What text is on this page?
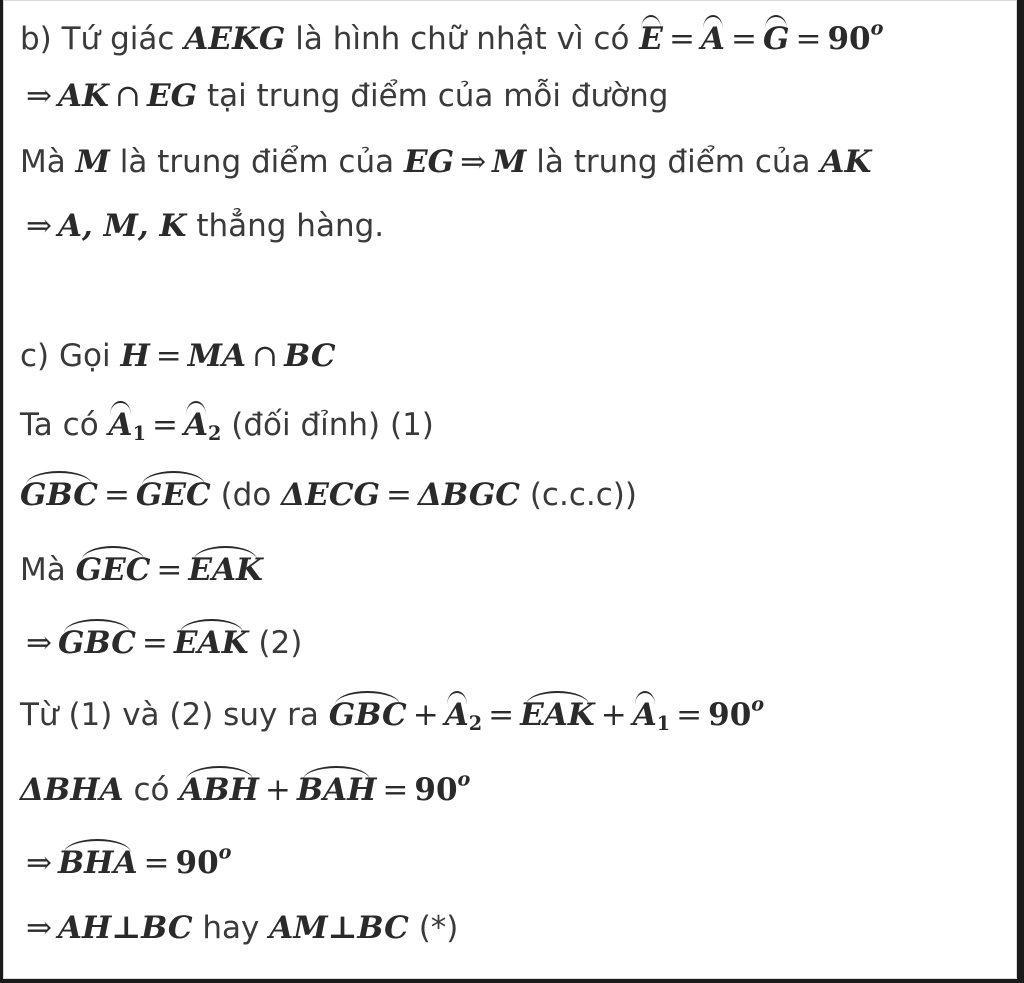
b) Tứ giác AEKG là hình chữ nhật vì có $E = A = G = 90^o$
⇒ AK ∩ EG tại trung điểm của mỗi đường
Mà M là trung điểm của EG ⇒ M là trung điểm của AK
⇒ A, M, K thẳng hàng.
c) Gọi H = MA ∩ BC
Ta có $A_1 = A_2$ (đối đỉnh) (1)
GBC = GEC (do ΔECG = ΔBGC (c.c.c))
Mà GEC = EAK
⇒ GBC = EAK (2)
Từ (1) và (2) suy ra GBC + $A_2$ = EAK + $A_1 = 90^o$
ΔBHA có ABH + BAH = $90^o$
⇒ BHA = $90^o$
⇒ AH⊥BC hay AM⊥BC (*)
